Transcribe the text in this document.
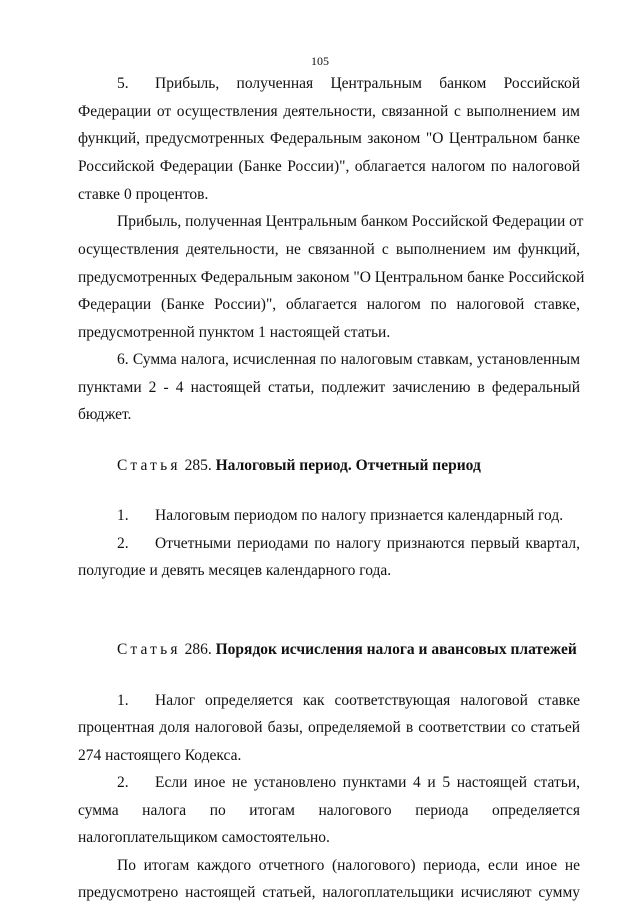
105
5. Прибыль, полученная Центральным банком Российской
Федерации от осуществления деятельности, связанной с выполнением им
функций, предусмотренных Федеральным законом "О Центральном банке
Российской Федерации (Банке России)", облагается налогом по налоговой
ставке 0 процентов.
Прибыль, полученная Центральным банком Российской Федерации от
осуществления деятельности, не связанной с выполнением им функций,
предусмотренных Федеральным законом "О Центральном банке Российской
Федерации (Банке России)", облагается налогом по налоговой ставке,
предусмотренной пунктом 1 настоящей статьи.
6. Сумма налога, исчисленная по налоговым ставкам, установленным
пунктами 2 - 4 настоящей статьи, подлежит зачислению в федеральный
бюджет.
Статья 285. Налоговый период. Отчетный период
1. Налоговым периодом по налогу признается календарный год.
2. Отчетными периодами по налогу признаются первый квартал,
полугодие и девять месяцев календарного года.
Статья 286. Порядок исчисления налога и авансовых платежей
1. Налог определяется как соответствующая налоговой ставке
процентная доля налоговой базы, определяемой в соответствии со статьей
274 настоящего Кодекса.
2. Если иное не установлено пунктами 4 и 5 настоящей статьи,
сумма налога по итогам налогового периода определяется
налогоплательщиком самостоятельно.
По итогам каждого отчетного (налогового) периода, если иное не
предусмотрено настоящей статьей, налогоплательщики исчисляют сумму
